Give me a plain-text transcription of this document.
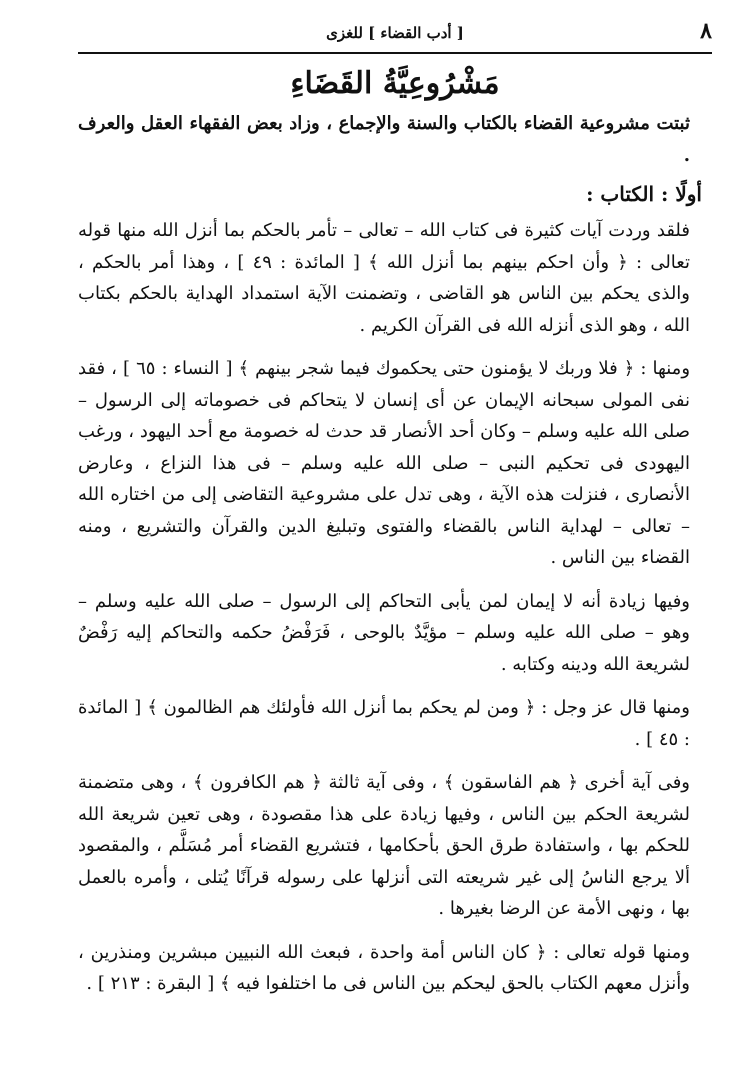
٨
[ أدب القضاء ] للغزى
مَشْرُوعِيَّةُ القَضَاءِ

ثبتت مشروعية القضاء بالكتاب والسنة والإجماع ، وزاد بعض الفقهاء العقل والعرف .

أولًا : الكتاب :

فلقد وردت آيات كثيرة فى كتاب الله – تعالى – تأمر بالحكم بما أنزل الله منها قوله تعالى : ﴿ وأن احكم بينهم بما أنزل الله ﴾ [ المائدة : ٤٩ ] ، وهذا أمر بالحكم ، والذى يحكم بين الناس هو القاضى ، وتضمنت الآية استمداد الهداية بالحكم بكتاب الله ، وهو الذى أنزله الله فى القرآن الكريم .

ومنها : ﴿ فلا وربك لا يؤمنون حتى يحكموك فيما شجر بينهم ﴾ [ النساء : ٦٥ ] ، فقد نفى المولى سبحانه الإيمان عن أى إنسان لا يتحاكم فى خصوماته إلى الرسول – صلى الله عليه وسلم – وكان أحد الأنصار قد حدث له خصومة مع أحد اليهود ، ورغب اليهودى فى تحكيم النبى – صلى الله عليه وسلم – فى هذا النزاع ، وعارض الأنصارى ، فنزلت هذه الآية ، وهى تدل على مشروعية التقاضى إلى من اختاره الله – تعالى – لهداية الناس بالقضاء والفتوى وتبليغ الدين والقرآن والتشريع ، ومنه القضاء بين الناس .

وفيها زيادة أنه لا إيمان لمن يأبى التحاكم إلى الرسول – صلى الله عليه وسلم – وهو – صلى الله عليه وسلم – مؤيَّدٌ بالوحى ، فَرَفْضُ حكمه والتحاكم إليه رَفْضٌ لشريعة الله ودينه وكتابه .

ومنها قال عز وجل : ﴿ ومن لم يحكم بما أنزل الله فأولئك هم الظالمون ﴾ [ المائدة : ٤٥ ] .

وفى آية أخرى ﴿ هم الفاسقون ﴾ ، وفى آية ثالثة ﴿ هم الكافرون ﴾ ، وهى متضمنة لشريعة الحكم بين الناس ، وفيها زيادة على هذا مقصودة ، وهى تعين شريعة الله للحكم بها ، واستفادة طرق الحق بأحكامها ، فتشريع القضاء أمر مُسَلَّم ، والمقصود ألا يرجع الناسُ إلى غير شريعته التى أنزلها على رسوله قرآنًا يُتلى ، وأمره بالعمل بها ، ونهى الأمة عن الرضا بغيرها .

ومنها قوله تعالى : ﴿ كان الناس أمة واحدة ، فبعث الله النبيين مبشرين ومنذرين ، وأنزل معهم الكتاب بالحق ليحكم بين الناس فى ما اختلفوا فيه ﴾ [ البقرة : ٢١٣ ] .
